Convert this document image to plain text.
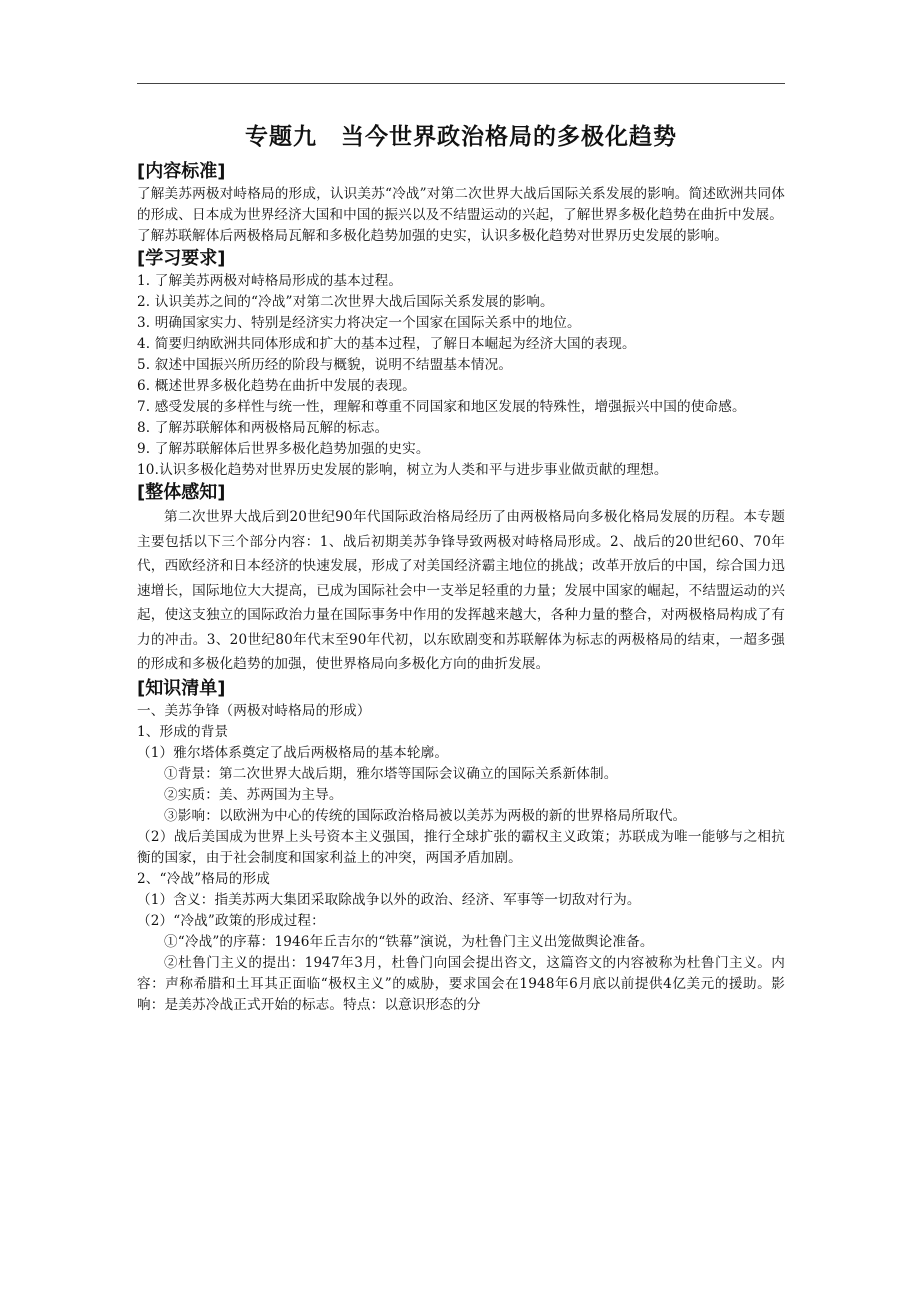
专题九　当今世界政治格局的多极化趋势
[内容标准]

了解美苏两极对峙格局的形成，认识美苏“冷战”对第二次世界大战后国际关系发展的影响。简述欧洲共同体的形成、日本成为世界经济大国和中国的振兴以及不结盟运动的兴起，了解世界多极化趋势在曲折中发展。

了解苏联解体后两极格局瓦解和多极化趋势加强的史实，认识多极化趋势对世界历史发展的影响。

[学习要求]

1. 了解美苏两极对峙格局形成的基本过程。

2. 认识美苏之间的“冷战”对第二次世界大战后国际关系发展的影响。

3. 明确国家实力、特别是经济实力将决定一个国家在国际关系中的地位。

4. 简要归纳欧洲共同体形成和扩大的基本过程，了解日本崛起为经济大国的表现。

5. 叙述中国振兴所历经的阶段与概貌，说明不结盟基本情况。

6. 概述世界多极化趋势在曲折中发展的表现。

7. 感受发展的多样性与统一性，理解和尊重不同国家和地区发展的特殊性，增强振兴中国的使命感。

8. 了解苏联解体和两极格局瓦解的标志。

9. 了解苏联解体后世界多极化趋势加强的史实。

10.认识多极化趋势对世界历史发展的影响，树立为人类和平与进步事业做贡献的理想。

[整体感知]

第二次世界大战后到20世纪90年代国际政治格局经历了由两极格局向多极化格局发展的历程。本专题主要包括以下三个部分内容：1、战后初期美苏争锋导致两极对峙格局形成。2、战后的20世纪60、70年代，西欧经济和日本经济的快速发展，形成了对美国经济霸主地位的挑战；改革开放后的中国，综合国力迅速增长，国际地位大大提高，已成为国际社会中一支举足轻重的力量；发展中国家的崛起，不结盟运动的兴起，使这支独立的国际政治力量在国际事务中作用的发挥越来越大，各种力量的整合，对两极格局构成了有力的冲击。3、20世纪80年代末至90年代初，以东欧剧变和苏联解体为标志的两极格局的结束，一超多强的形成和多极化趋势的加强，使世界格局向多极化方向的曲折发展。

[知识清单]

一、美苏争锋（两极对峙格局的形成）

1、形成的背景

（1）雅尔塔体系奠定了战后两极格局的基本轮廓。

①背景：第二次世界大战后期，雅尔塔等国际会议确立的国际关系新体制。

②实质：美、苏两国为主导。

③影响：以欧洲为中心的传统的国际政治格局被以美苏为两极的新的世界格局所取代。

（2）战后美国成为世界上头号资本主义强国，推行全球扩张的霸权主义政策；苏联成为唯一能够与之相抗衡的国家，由于社会制度和国家利益上的冲突，两国矛盾加剧。

2、“冷战”格局的形成

（1）含义：指美苏两大集团采取除战争以外的政治、经济、军事等一切敌对行为。

（2）“冷战”政策的形成过程：

①“冷战”的序幕：1946年丘吉尔的“铁幕”演说，为杜鲁门主义出笼做舆论准备。

②杜鲁门主义的提出：1947年3月，杜鲁门向国会提出咨文，这篇咨文的内容被称为杜鲁门主义。内容：声称希腊和土耳其正面临“极权主义”的威胁，要求国会在1948年6月底以前提供4亿美元的援助。影响：是美苏冷战正式开始的标志。特点：以意识形态的分
